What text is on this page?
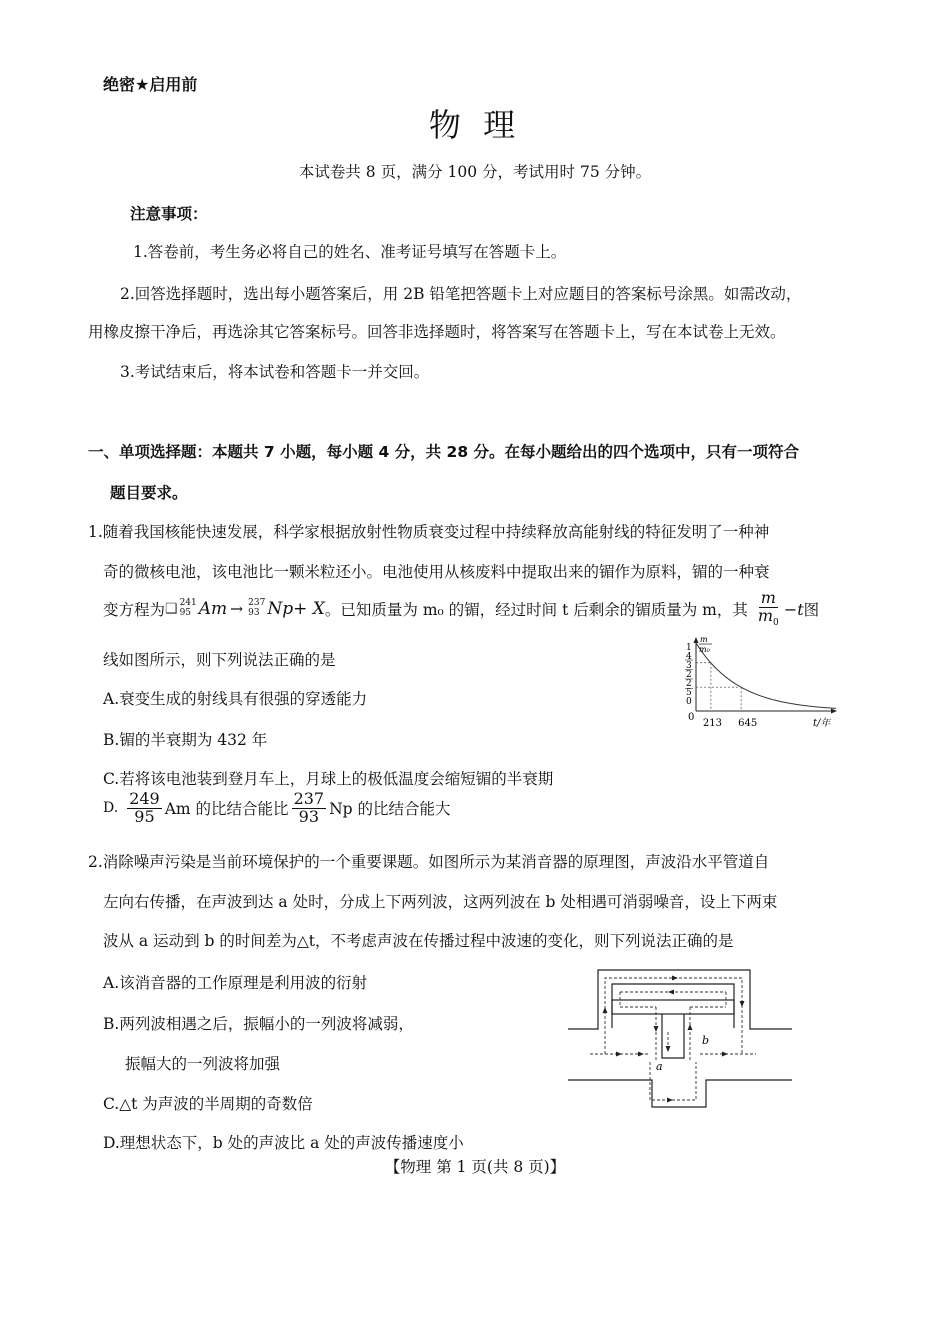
绝密★启用前
物 理
本试卷共 8 页，满分 100 分，考试用时 75 分钟。
注意事项：
1.答卷前，考生务必将自己的姓名、准考证号填写在答题卡上。
2.回答选择题时，选出每小题答案后，用 2B 铅笔把答题卡上对应题目的答案标号涂黑。如需改动，
用橡皮擦干净后，再选涂其它答案标号。回答非选择题时，将答案写在答题卡上，写在本试卷上无效。
3.考试结束后，将本试卷和答题卡一并交回。
一、单项选择题：本题共 7 小题，每小题 4 分，共 28 分。在每小题给出的四个选项中，只有一项符合
题目要求。
1.随着我国核能快速发展，科学家根据放射性物质衰变过程中持续释放高能射线的特征发明了一种神
奇的微核电池，该电池比一颗米粒还小。电池使用从核废料中提取出来的镅作为原料，镅的一种衰
变方程为 ❑ 241
95 Am → 237
93 Np+ X 。 已知质量为 m₀ 的镅，经过时间 t 后剩余的镅质量为 m，其 $\frac{m}{m_0} -t$ 图
线如图所示，则下列说法正确的是
A.衰变生成的射线具有很强的穿透能力
B.镅的半衰期为 432 年
C.若将该电池装到登月车上，月球上的极低温度会缩短镅的半衰期
D. $\frac{249}{95}$ Am 的比结合能比 $\frac{237}{93}$ Np 的比结合能大
m
m₀
1
4
3
2
2
5
0
0
213 645	t/年
2.消除噪声污染是当前环境保护的一个重要课题。如图所示为某消音器的原理图，声波沿水平管道自
左向右传播，在声波到达 a 处时，分成上下两列波，这两列波在 b 处相遇可消弱噪音，设上下两束
波从 a 运动到 b 的时间差为△t，不考虑声波在传播过程中波速的变化，则下列说法正确的是
A.该消音器的工作原理是利用波的衍射
B.两列波相遇之后，振幅小的一列波将减弱，
振幅大的一列波将加强
C.△t 为声波的半周期的奇数倍
D.理想状态下，b 处的声波比 a 处的声波传播速度小
a
b
【物理 第 1 页(共 8 页)】
